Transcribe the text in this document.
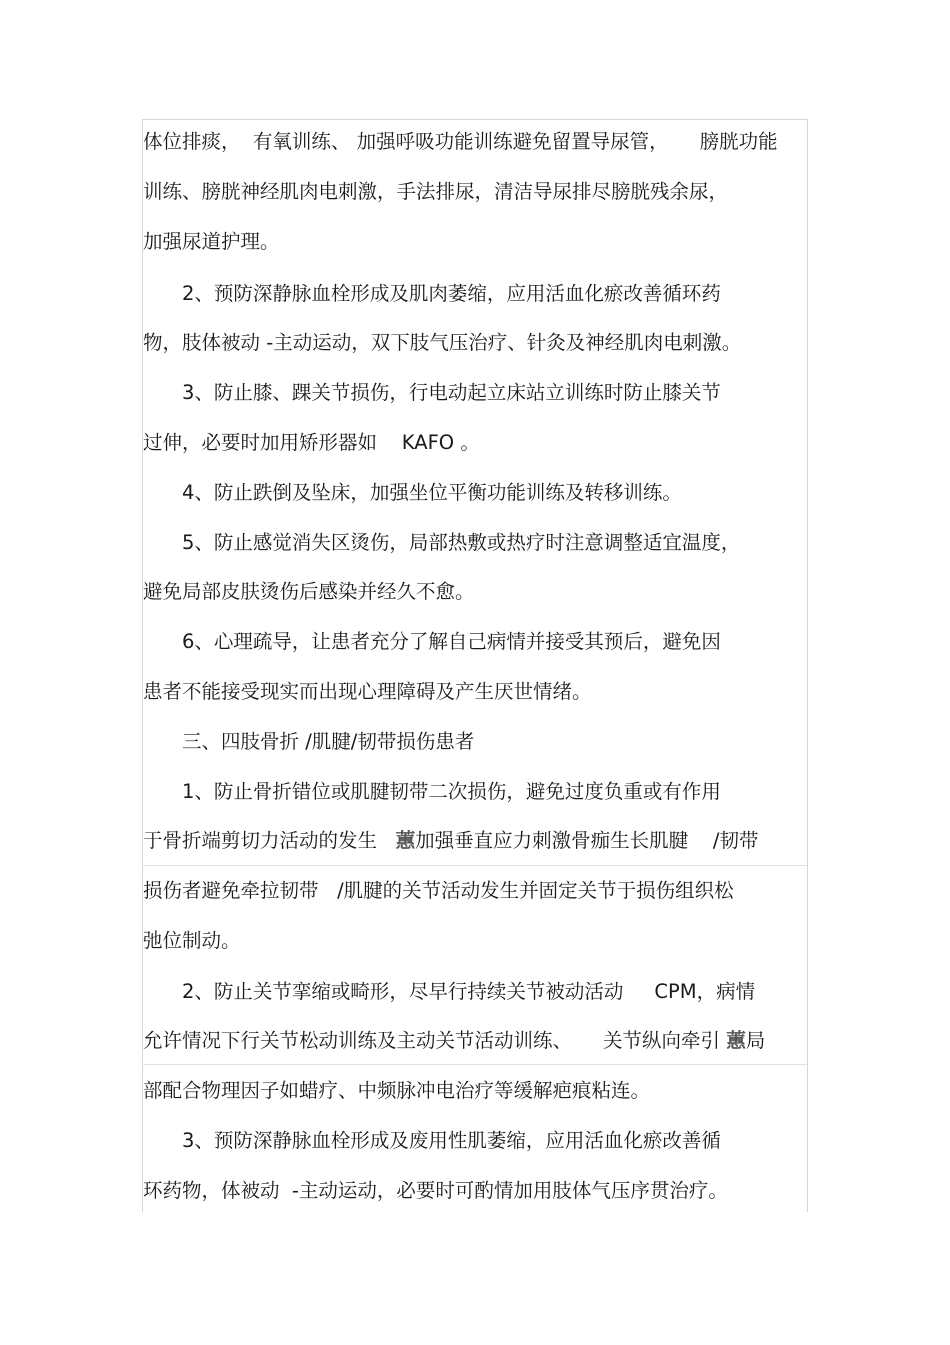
体位排痰，  有氧训练、 加强呼吸功能训练避免留置导尿管，     膀胱功能
训练、膀胱神经肌肉电刺激，手法排尿，清洁导尿排尽膀胱残余尿，
加强尿道护理。
2、预防深静脉血栓形成及肌肉萎缩，应用活血化瘀改善循环药
物，肢体被动 -主动运动，双下肢气压治疗、针灸及神经肌肉电刺激。
3、防止膝、踝关节损伤，行电动起立床站立训练时防止膝关节
过伸，必要时加用矫形器如    KAFO 。
4、防止跌倒及坠床，加强坐位平衡功能训练及转移训练。
5、防止感觉消失区烫伤，局部热敷或热疗时注意调整适宜温度，
避免局部皮肤烫伤后感染并经久不愈。
6、心理疏导，让患者充分了解自己病情并接受其预后，避免因
患者不能接受现实而出现心理障碍及产生厌世情绪。
三、四肢骨折 /肌腱/韧带损伤患者
1、防止骨折错位或肌腱韧带二次损伤，避免过度负重或有作用
于骨折端剪切力活动的发生   蕙加强垂直应力刺激骨痂生长肌腱    /韧带
损伤者避免牵拉韧带   /肌腱的关节活动发生并固定关节于损伤组织松
弛位制动。
2、防止关节挛缩或畸形，尽早行持续关节被动活动     CPM，病情
允许情况下行关节松动训练及主动关节活动训练、     关节纵向牵引 蕙局
部配合物理因子如蜡疗、中频脉冲电治疗等缓解疤痕粘连。
3、预防深静脉血栓形成及废用性肌萎缩，应用活血化瘀改善循
环药物，体被动  -主动运动，必要时可酌情加用肢体气压序贯治疗。
